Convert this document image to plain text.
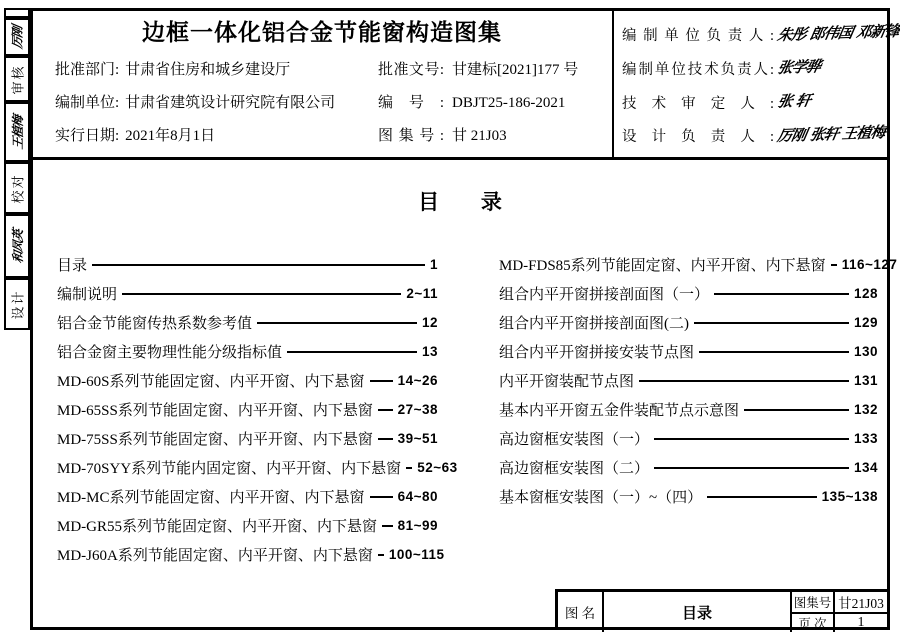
厉刚
审核
王植梅
校对
和凤英
设计
边框一体化铝合金节能窗构造图集
批准部门: 甘肃省住房和城乡建设厅	批准文号: 甘建标[2021]177 号
编制单位: 甘肃省建筑设计研究院有限公司	编号: DBJT25-186-2021
实行日期: 2021年8月1日	图集号: 甘 21J03
编制单位负责人: 朱彤 郎伟国 邓新锋
编制单位技术负责人: 张学骅
技术审定人: 张 轩
设计负责人: 厉刚 张轩 王植梅
目 录
目录	1
编制说明	2~11
铝合金节能窗传热系数参考值	12
铝合金窗主要物理性能分级指标值	13
MD-60S系列节能固定窗、内平开窗、内下悬窗 14~26
MD-65SS系列节能固定窗、内平开窗、内下悬窗 27~38
MD-75SS系列节能固定窗、内平开窗、内下悬窗 39~51
MD-70SYY系列节能内固定窗、内平开窗、内下悬窗 52~63
MD-MC系列节能固定窗、内平开窗、内下悬窗 64~80
MD-GR55系列节能固定窗、内平开窗、内下悬窗 81~99
MD-J60A系列节能固定窗、内平开窗、内下悬窗 100~115
MD-FDS85系列节能固定窗、内平开窗、内下悬窗 116~127
组合内平开窗拼接剖面图（一）	128
组合内平开窗拼接剖面图(二)	129
组合内平开窗拼接安装节点图	130
内平开窗装配节点图	131
基本内平开窗五金件装配节点示意图	132
高边窗框安装图（一）	133
高边窗框安装图（二）	134
基本窗框安装图（一）~（四）	135~138
图 名	目录
图集号 甘21J03
页 次	1
